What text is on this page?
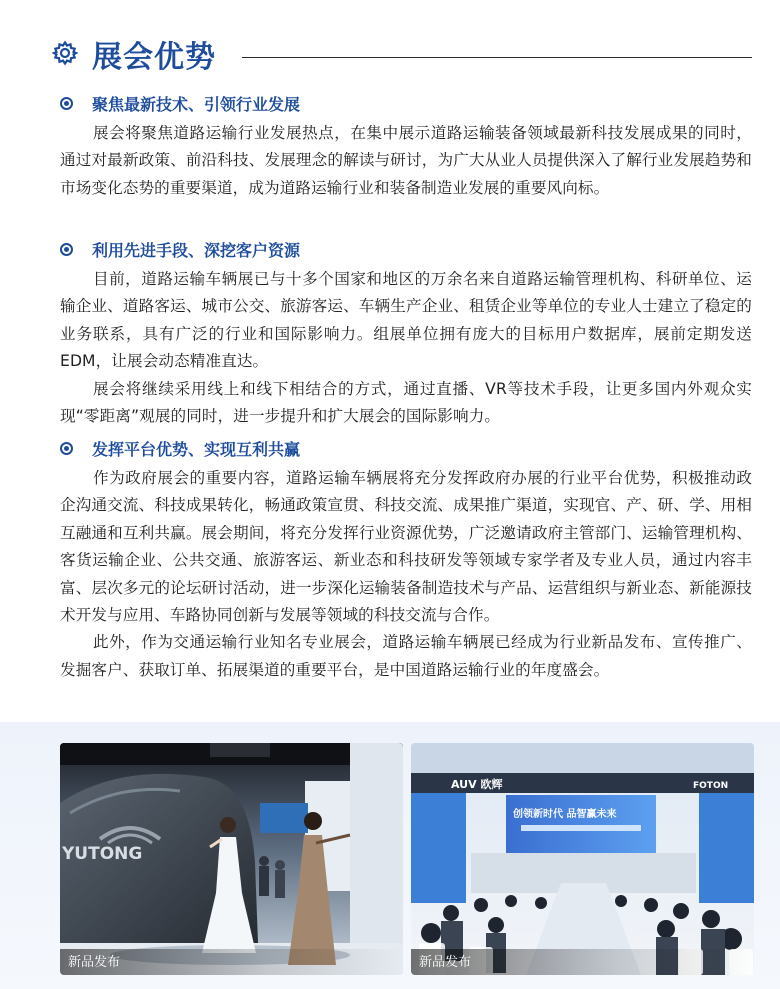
展会优势
聚焦最新技术、引领行业发展

展会将聚焦道路运输行业发展热点，在集中展示道路运输装备领域最新科技发展成果的同时，通过对最新政策、前沿科技、发展理念的解读与研讨，为广大从业人员提供深入了解行业发展趋势和市场变化态势的重要渠道，成为道路运输行业和装备制造业发展的重要风向标。

利用先进手段、深挖客户资源

目前，道路运输车辆展已与十多个国家和地区的万余名来自道路运输管理机构、科研单位、运输企业、道路客运、城市公交、旅游客运、车辆生产企业、租赁企业等单位的专业人士建立了稳定的业务联系，具有广泛的行业和国际影响力。组展单位拥有庞大的目标用户数据库，展前定期发送EDM，让展会动态精准直达。

展会将继续采用线上和线下相结合的方式，通过直播、VR等技术手段，让更多国内外观众实现“零距离”观展的同时，进一步提升和扩大展会的国际影响力。

发挥平台优势、实现互利共赢

作为政府展会的重要内容，道路运输车辆展将充分发挥政府办展的行业平台优势，积极推动政企沟通交流、科技成果转化，畅通政策宣贯、科技交流、成果推广渠道，实现官、产、研、学、用相互融通和互利共赢。展会期间，将充分发挥行业资源优势，广泛邀请政府主管部门、运输管理机构、客货运输企业、公共交通、旅游客运、新业态和科技研发等领域专家学者及专业人员，通过内容丰富、层次多元的论坛研讨活动，进一步深化运输装备制造技术与产品、运营组织与新业态、新能源技术开发与应用、车路协同创新与发展等领域的科技交流与合作。

此外，作为交通运输行业知名专业展会，道路运输车辆展已经成为行业新品发布、宣传推广、发掘客户、获取订单、拓展渠道的重要平台，是中国道路运输行业的年度盛会。

YUTONG
新品发布
AUV 欧辉	FOTON
创领新时代 品智赢未来
新品发布
